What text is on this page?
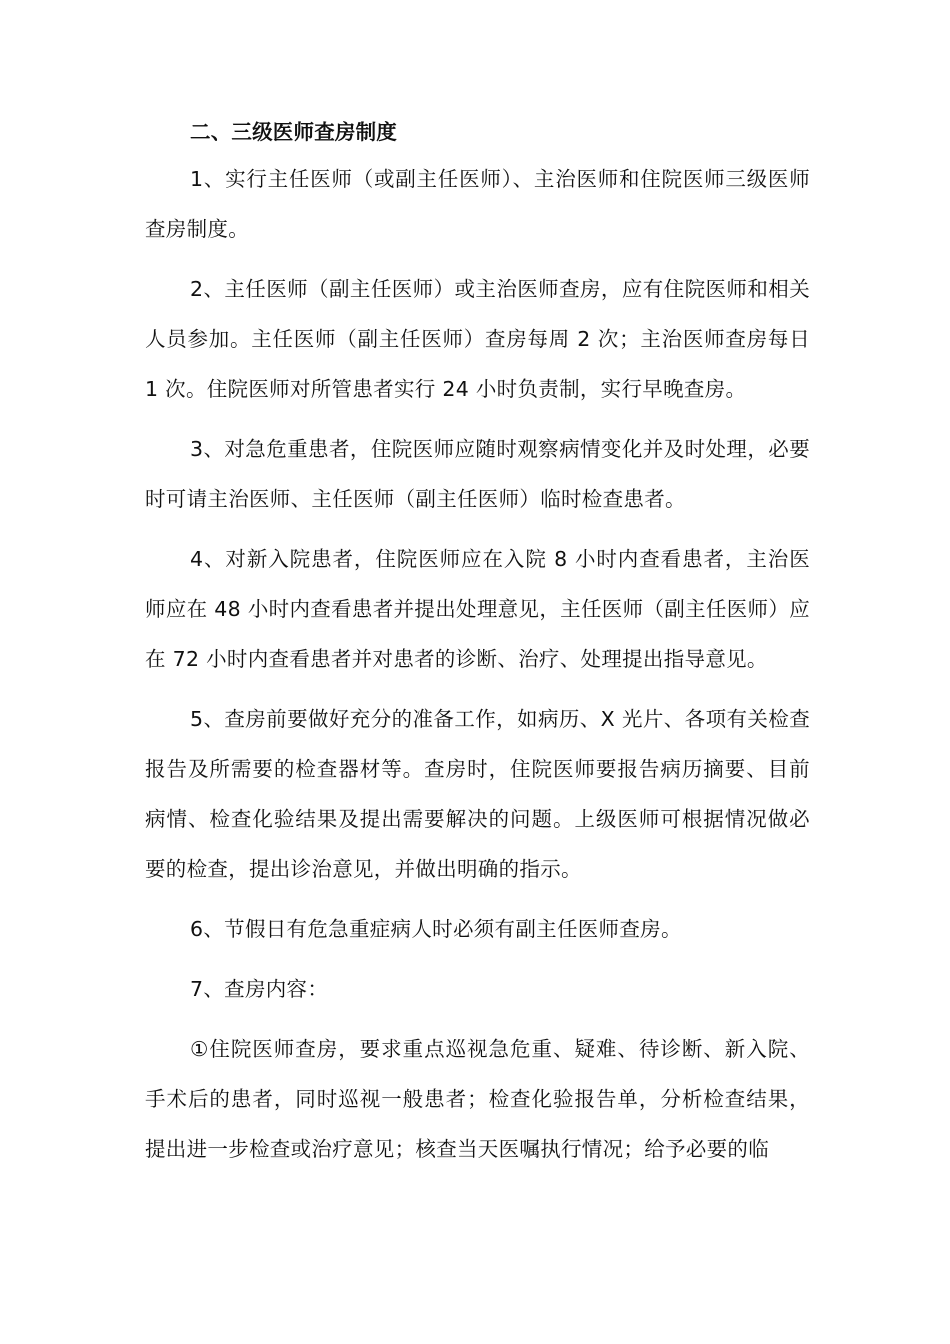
二、三级医师查房制度

1、实行主任医师（或副主任医师）、主治医师和住院医师三级医师查房制度。

2、主任医师（副主任医师）或主治医师查房，应有住院医师和相关人员参加。主任医师（副主任医师）查房每周 2 次；主治医师查房每日 1 次。住院医师对所管患者实行 24 小时负责制，实行早晚查房。

3、对急危重患者，住院医师应随时观察病情变化并及时处理，必要时可请主治医师、主任医师（副主任医师）临时检查患者。

4、对新入院患者，住院医师应在入院 8 小时内查看患者，主治医师应在 48 小时内查看患者并提出处理意见，主任医师（副主任医师）应在 72 小时内查看患者并对患者的诊断、治疗、处理提出指导意见。

5、查房前要做好充分的准备工作，如病历、X 光片、各项有关检查报告及所需要的检查器材等。查房时，住院医师要报告病历摘要、目前病情、检查化验结果及提出需要解决的问题。上级医师可根据情况做必要的检查，提出诊治意见，并做出明确的指示。

6、节假日有危急重症病人时必须有副主任医师查房。

7、查房内容：

①住院医师查房，要求重点巡视急危重、疑难、待诊断、新入院、手术后的患者，同时巡视一般患者；检查化验报告单，分析检查结果，提出进一步检查或治疗意见；核查当天医嘱执行情况；给予必要的临
